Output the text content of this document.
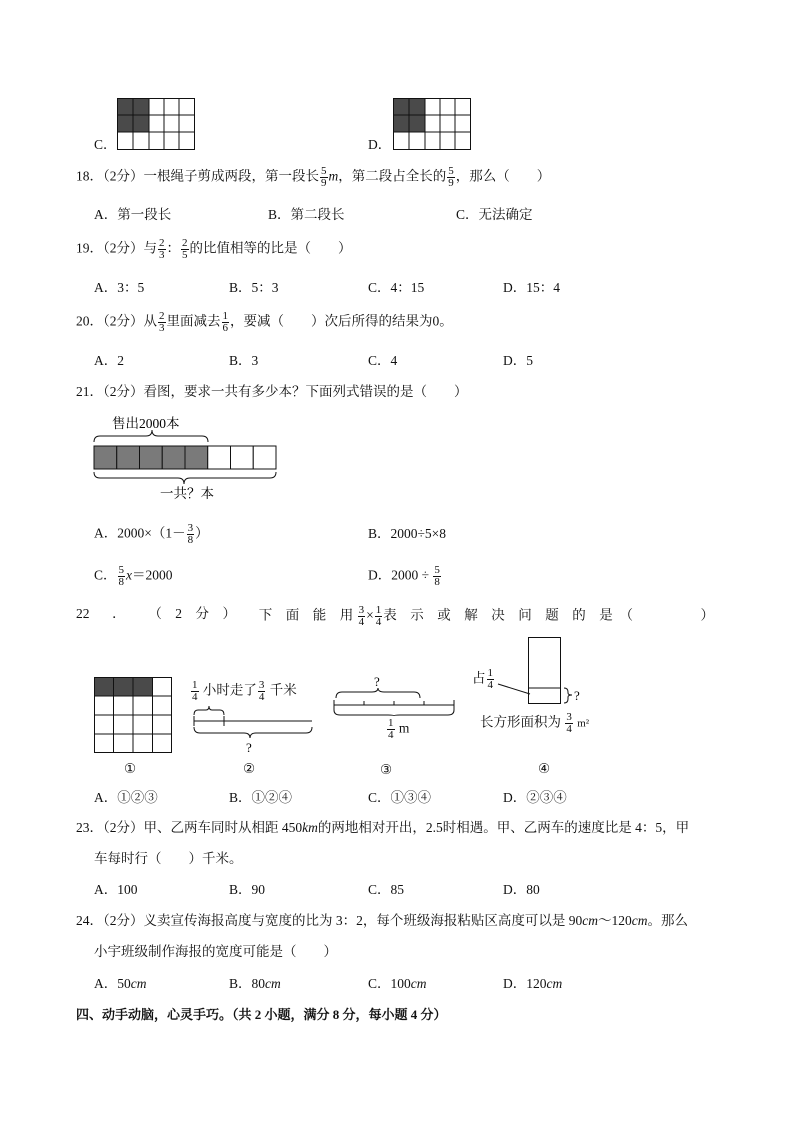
C．	D．
18．（2分）一根绳子剪成两段，第一段长 $\frac{5}{9}$ m，第二段占全长的 $\frac{5}{9}$ ，那么（　　）
A．第一段长	B．第二段长	C．无法确定
19．（2分）与 $\frac{2}{3}$ ： $\frac{2}{5}$ 的比值相等的比是（　　）
A．3：5	B．5：3	C．4：15	D．15：4
20．（2分）从 $\frac{2}{3}$ 里面减去 $\frac{1}{6}$ ，要减（　　）次后所得的结果为0。
A．2	B．3	C．4	D．5
21．（2分）看图，要求一共有多少本？下面列式错误的是（　　）
售出2000本
一共？本
A．$2000\times(1- \frac{3}{8}$ ）	B．2000÷5×8
C． $\frac{5}{8} x=2000$	D．$2000 \div \frac{5}{8}$
22 ． （　2　分　） 下　面　能　用 $\frac{3}{4} \times \frac{1}{4}$ 表　示　或　解　决　问　题　的　是　（　　　　　）
①
$\frac{1}{4}$ 小时走了 $\frac{3}{4}$ 千米
?
②
?
$\frac{1}{4}$ m
③
占 $\frac{1}{4}$
?
长方形面积为 $\frac{3}{4} m^2$
④
A．①②③	B．①②④	C．①③④	D．②③④
23．（2分）甲、乙两车同时从相距 450km的两地相对开出，2.5时相遇。甲、乙两车的速度比是 4：5，甲
车每时行（　　）千米。
A．100	B．90	C．85	D．80
24．（2分）义卖宣传海报高度与宽度的比为 3：2，每个班级海报粘贴区高度可以是 90cm～120cm。那么
小宇班级制作海报的宽度可能是（　　）
A．50cm	B．80cm	C．100cm	D．120cm
四、动手动脑，心灵手巧。（共 2 小题，满分 8 分，每小题 4 分）
